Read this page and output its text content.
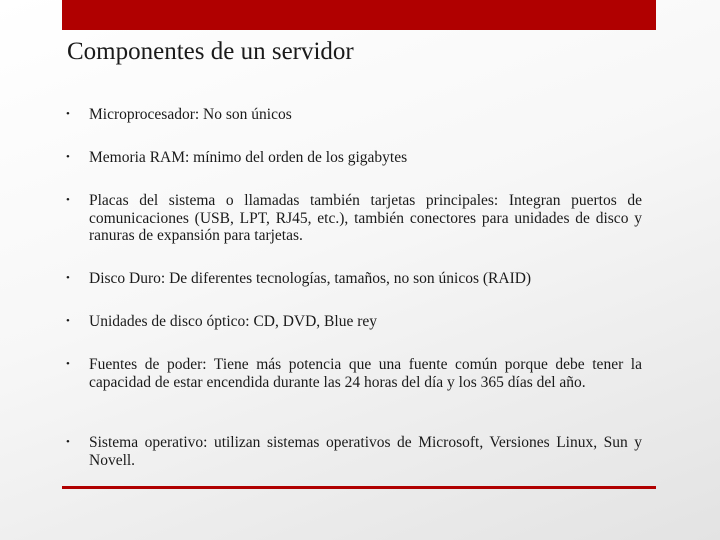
Componentes de un servidor
• Microprocesador: No son únicos
• Memoria RAM: mínimo del orden de los gigabytes
• Placas del sistema o llamadas también tarjetas principales: Integran puertos de comunicaciones (USB, LPT, RJ45, etc.), también conectores para unidades de disco y ranuras de expansión para tarjetas.
• Disco Duro: De diferentes tecnologías, tamaños, no son únicos (RAID)
• Unidades de disco óptico: CD, DVD, Blue rey
• Fuentes de poder: Tiene más potencia que una fuente común porque debe tener la capacidad de estar encendida durante las 24 horas del día y los 365 días del año.
• Sistema operativo: utilizan sistemas operativos de Microsoft, Versiones Linux, Sun y Novell.
